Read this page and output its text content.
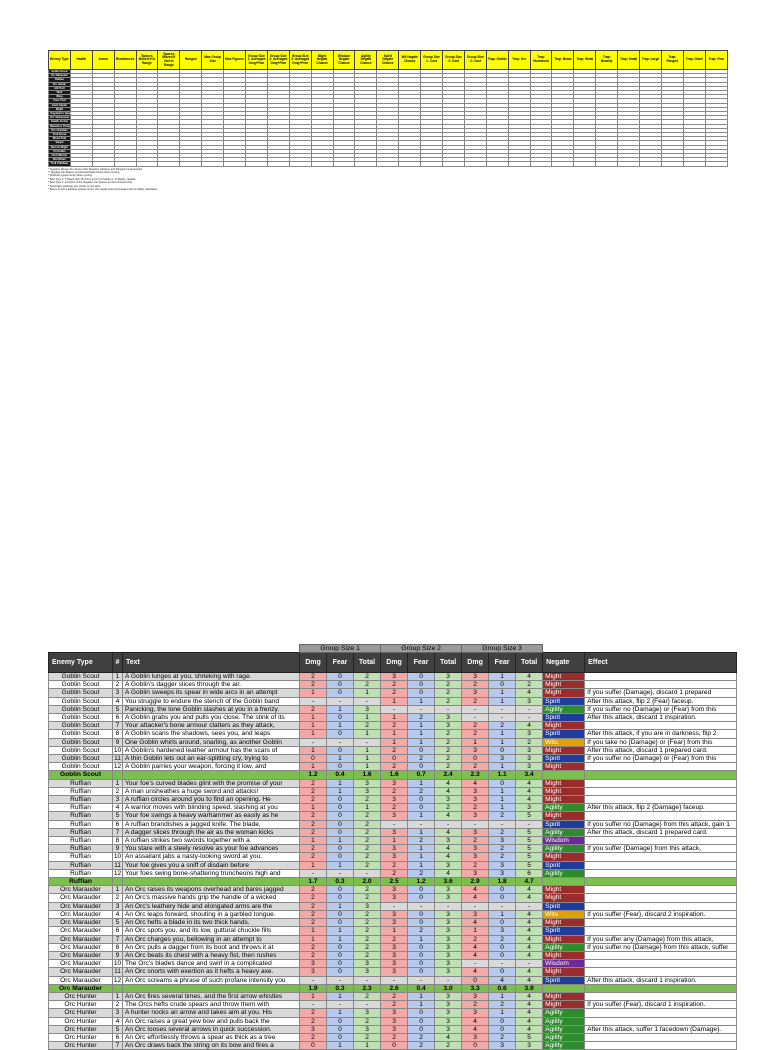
Enemy Type	Health	Armor	Resistances	Spaces Moved If In Range	Spaces Moved If Not In Range	Ranged	Max Group Size	Max Figures	Group Size 1: Averaged Dmg+Fear	Group Size 2: Averaged Dmg+Fear	Group Size 3: Averaged Dmg+Fear	Might Negate Chance	Wisdom Negate Chance	Agility Negate Chance	Spirit Negate Chance	Wit Negate Chance	Group Size 1: Cost	Group Size 2: Cost	Group Size 3: Cost	Trap: Goblin	Trap: Orc	Trap: Humanoid	Trap: Beast	Trap: Weak	Trap: Beastly	Trap: Small	Trap: Large	Trap: Ranged	Trap: Giant	Trap: Fear
Goblin Scout																														
Orc Marauder																														
Ruffian																														
Orc Hunter																														
Hill Troll																														
Wolf																														
Warg																														
Cave Troll																														
Giant Spider																														
Wight																														
Ungoliant's Spawn																														
Orc Taskmaster																														
Goblin Archer																														
Nameless Thing																														
Orc Chieftain																														
Troll Scout																														
Wood Troll																														
Vargul																														
Barrow Wight																														
Pit Goblin																														
Uruk Warrior																														
Wolf Rider																														
Troll Chieftain																														
* Negation Range from Group Size Negation Variance and Ranged not accounted
** Displays the Spaces moved and Attack bonus when moving
* Attributes ignore armor when moving
* Best Type 1: 3 Space with 15 of any armor (of Goblin or, of Might), negates
* Best Type 2: Combine of the Negation the Spaces as Non-Group/Group
* Secondary attributes are shown on the card
* Bonus of every attribute ignores armor; the negate limit percentages can be widely calculated
			Group Size 1			Group Size 2			Group Size 3				
Enemy Type	#	Text	Dmg	Fear	Total	Dmg	Fear	Total	Dmg	Fear	Total	Negate	Effect
Goblin Scout	1	A Goblin lunges at you, shrieking with rage.	2	0	2	3	0	3	3	1	4	Might	
Goblin Scout	2	A Goblin's dagger slices through the air.	2	0	2	2	0	2	2	0	2	Might	
Goblin Scout	3	A Goblin sweeps its spear in wide arcs in an attempt	1	0	1	2	0	2	3	1	4	Might	If you suffer {Damage}, discard 1 prepared
Goblin Scout	4	You struggle to endure the stench of the Goblin band	-	-	-	1	1	2	2	1	3	Spirit	After this attack, flip 2 {Fear} faceup.
Goblin Scout	5	Panicking, the lone Goblin slashes at you in a frenzy.	2	1	3	-	-	-	-	-	-	Agility	If you suffer no {Damage} or {Fear} from this
Goblin Scout	6	A Goblin grabs you and pulls you close. The stink of its	1	0	1	1	2	3	-	-	-	Spirit	After this attack, discard 1 inspiration.
Goblin Scout	7	Your attacker's bone armour clatters as they attack,	1	1	2	2	1	3	2	2	4	Might	
Goblin Scout	8	A Goblin scans the shadows, sees you, and leaps	1	0	1	1	1	2	2	1	3	Spirit	After this attack, if you are in darkness, flip 2
Goblin Scout	9	One Goblin whirls around, snarling, as another Goblin	-	-	-	1	1	2	1	1	2	Wits	If you take no {Damage} or {Fear} from this
Goblin Scout	10	A Goblin's hardened leather armour has the scars of	1	0	1	2	0	2	3	0	3	Might	After this attack, discard 1 prepared card.
Goblin Scout	11	A thin Goblin lets out an ear-splitting cry, trying to	0	1	1	0	2	2	0	3	3	Spirit	If you suffer no {Damage} or {Fear} from this
Goblin Scout	12	A Goblin parries your weapon, forcing it low, and	1	0	1	2	0	2	2	1	3	Might	
Goblin Scout			1.2	0.4	1.6	1.6	0.7	2.4	2.3	1.1	3.4		
Ruffian	1	Your foe's curved blades glint with the promise of your	2	1	3	3	1	4	4	0	4	Might	
Ruffian	2	A man unsheathes a huge sword and attacks!	2	1	3	2	2	4	3	1	4	Might	
Ruffian	3	A ruffian circles around you to find an opening. He	2	0	2	3	0	3	3	1	4	Might	
Ruffian	4	A warrior moves with blinding speed, slashing at you	1	0	1	2	0	2	2	1	3	Agility	After this attack, flip 2 {Damage} faceup.
Ruffian	5	Your foe swings a heavy warhammer as easily as he	2	0	2	3	1	4	3	2	5	Might	
Ruffian	6	A ruffian brandishes a jagged knife. The blade,	2	0	2	-	-	-	-	-	-	Spirit	If you suffer no {Damage} from this attack, gain 1
Ruffian	7	A dagger slices through the air as the woman kicks	2	0	2	3	1	4	3	2	5	Agility	After this attack, discard 1 prepared card.
Ruffian	8	A ruffian strikes two swords together with a	1	1	2	1	2	3	2	3	5	Wisdom	
Ruffian	9	You stare with a steely resolve as your foe advances	2	0	2	3	1	4	3	2	5	Agility	If you suffer {Damage} from this attack,
Ruffian	10	An assailant jabs a nasty-looking sword at you.	2	0	2	3	1	4	3	2	5	Might	
Ruffian	11	Your foe gives you a sniff of disdain before	1	1	2	2	1	3	2	3	5	Spirit	
Ruffian	12	Your foes swing bone-shattering truncheons high and	-	-	-	2	2	4	3	3	6	Agility	
Ruffian			1.7	0.3	2.0	2.5	1.2	3.6	2.9	1.8	4.7		
Orc Marauder	1	An Orc raises its weapons overhead and bares jagged	2	0	2	3	0	3	4	0	4	Might	
Orc Marauder	2	An Orc's massive hands grip the handle of a wicked	2	0	2	3	0	3	4	0	4	Might	
Orc Marauder	3	An Orc's leathery hide and elongated arms are the	2	1	3	-	-	-	-	-	-	Spirit	
Orc Marauder	4	An Orc leaps forward, shouting in a garbled tongue.	2	0	2	3	0	3	3	1	4	Wits	If you suffer {Fear}, discard 2 inspiration.
Orc Marauder	5	An Orc hefts a blade in its two thick hands.	2	0	2	3	0	3	4	0	4	Might	
Orc Marauder	6	An Orc spots you, and its low, guttural chuckle fills	1	1	2	1	2	3	1	3	4	Spirit	
Orc Marauder	7	An Orc charges you, bellowing in an attempt to	1	1	2	2	1	3	2	2	4	Might	If you suffer any {Damage} from this attack,
Orc Marauder	8	An Orc pulls a dagger from its boot and throws it at	2	0	2	3	0	3	4	0	4	Agility	If you suffer no {Damage} from this attack, suffer
Orc Marauder	9	An Orc beats its chest with a heavy fist, then rushes	2	0	2	3	0	3	4	0	4	Might	
Orc Marauder	10	The Orc's blades dance and swirl in a complicated	3	0	3	3	0	3	-	-	-	Wisdom	
Orc Marauder	11	An Orc snorts with exertion as it hefts a heavy axe.	3	0	3	3	0	3	4	0	4	Might	
Orc Marauder	12	An Orc screams a phrase of such profane intensity you	-	-	-	-	-	-	0	4	4	Spirit	After this attack, discard 1 inspiration.
Orc Marauder			1.9	0.3	2.3	2.6	0.4	3.0	3.3	0.6	3.9		
Orc Hunter	1	An Orc fires several times, and the first arrow whistles	1	1	2	2	1	3	3	1	4	Might	
Orc Hunter	2	The Orcs hefts crude spears and throw them with	-	-	-	2	1	3	2	2	4	Might	If you suffer {Fear}, discard 1 inspiration.
Orc Hunter	3	A hunter nocks an arrow and takes aim at you. His	2	1	3	3	0	3	3	1	4	Agility	
Orc Hunter	4	An Orc raises a great yew bow and pulls back the	2	0	2	3	0	3	4	0	4	Agility	
Orc Hunter	5	An Orc looses several arrows in quick succession.	3	0	3	3	0	3	4	0	4	Agility	After this attack, suffer 1 facedown {Damage}.
Orc Hunter	6	An Orc effortlessly throws a spear as thick as a tree	2	0	2	2	2	4	3	2	5	Agility	
Orc Hunter	7	An Orc draws back the string on its bow and fires a	0	1	1	0	2	2	0	3	3	Agility	
